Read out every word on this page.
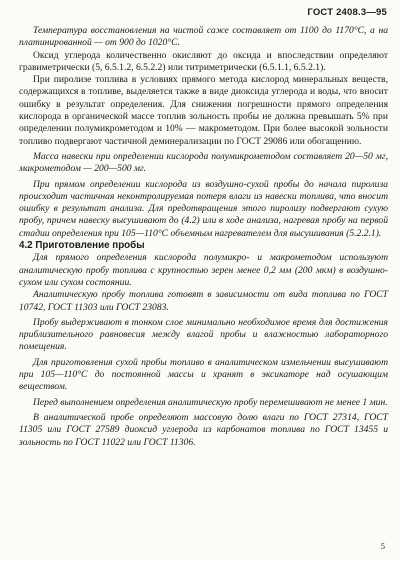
ГОСТ 2408.3—95

Температура восстановления на чистой саже составляет от 1100 до 1170°С, а на платинированной — от 900 до 1020°С.

Оксид углерода количественно окисляют до оксида и впоследствии определяют гравиметрически (5, 6.5.1.2, 6.5.2.2) или титриметрически (6.5.1.1, 6.5.2.1).

При пиролизе топлива в условиях прямого метода кислород минеральных веществ, содержащихся в топливе, выделяется также в виде диоксида углерода и воды, что вносит ошибку в результат определения. Для снижения погрешности прямого определения кислорода в органической массе топлив зольность пробы не должна превышать 5% при определении полумикрометодом и 10% — макрометодом. При более высокой зольности топливо подвергают частичной деминерализации по ГОСТ 29086 или обогащению.

Масса навески при определении кислорода полумикрометодом составляет 20—50 мг, макрометодом — 200—500 мг.

При прямом определении кислорода из воздушно-сухой пробы до начала пиролиза происходит частичная неконтролируемая потеря влаги из навески топлива, что вносит ошибку в результат анализа. Для предотвращения этого пиролизу подвергают сухую пробу, причем навеску высушивают до (4.2) или в ходе анализа, нагревая пробу на первой стадии определения при 105—110°С объемным нагревателем для высушивания (5.2.2.1).

4.2 Приготовление пробы

Для прямого определения кислорода полумикро- и макрометодом используют аналитическую пробу топлива с крупностью зерен менее 0,2 мм (200 мкм) в воздушно-сухом или сухом состоянии.

Аналитическую пробу топлива готовят в зависимости от вида топлива по ГОСТ 10742, ГОСТ 11303 или ГОСТ 23083.

Пробу выдерживают в тонком слое минимально необходимое время для достижения приблизительного равновесия между влагой пробы и влажностью лабораторного помещения.

Для приготовления сухой пробы топливо в аналитическом измельчении высушивают при 105—110°С до постоянной массы и хранят в эксикаторе над осушающим веществом.

Перед выполнением определения аналитическую пробу перемешивают не менее 1 мин.

В аналитической пробе определяют массовую долю влаги по ГОСТ 27314, ГОСТ 11305 или ГОСТ 27589 диоксид углерода из карбонатов топлива по ГОСТ 13455 и зольность по ГОСТ 11022 или ГОСТ 11306.

5
